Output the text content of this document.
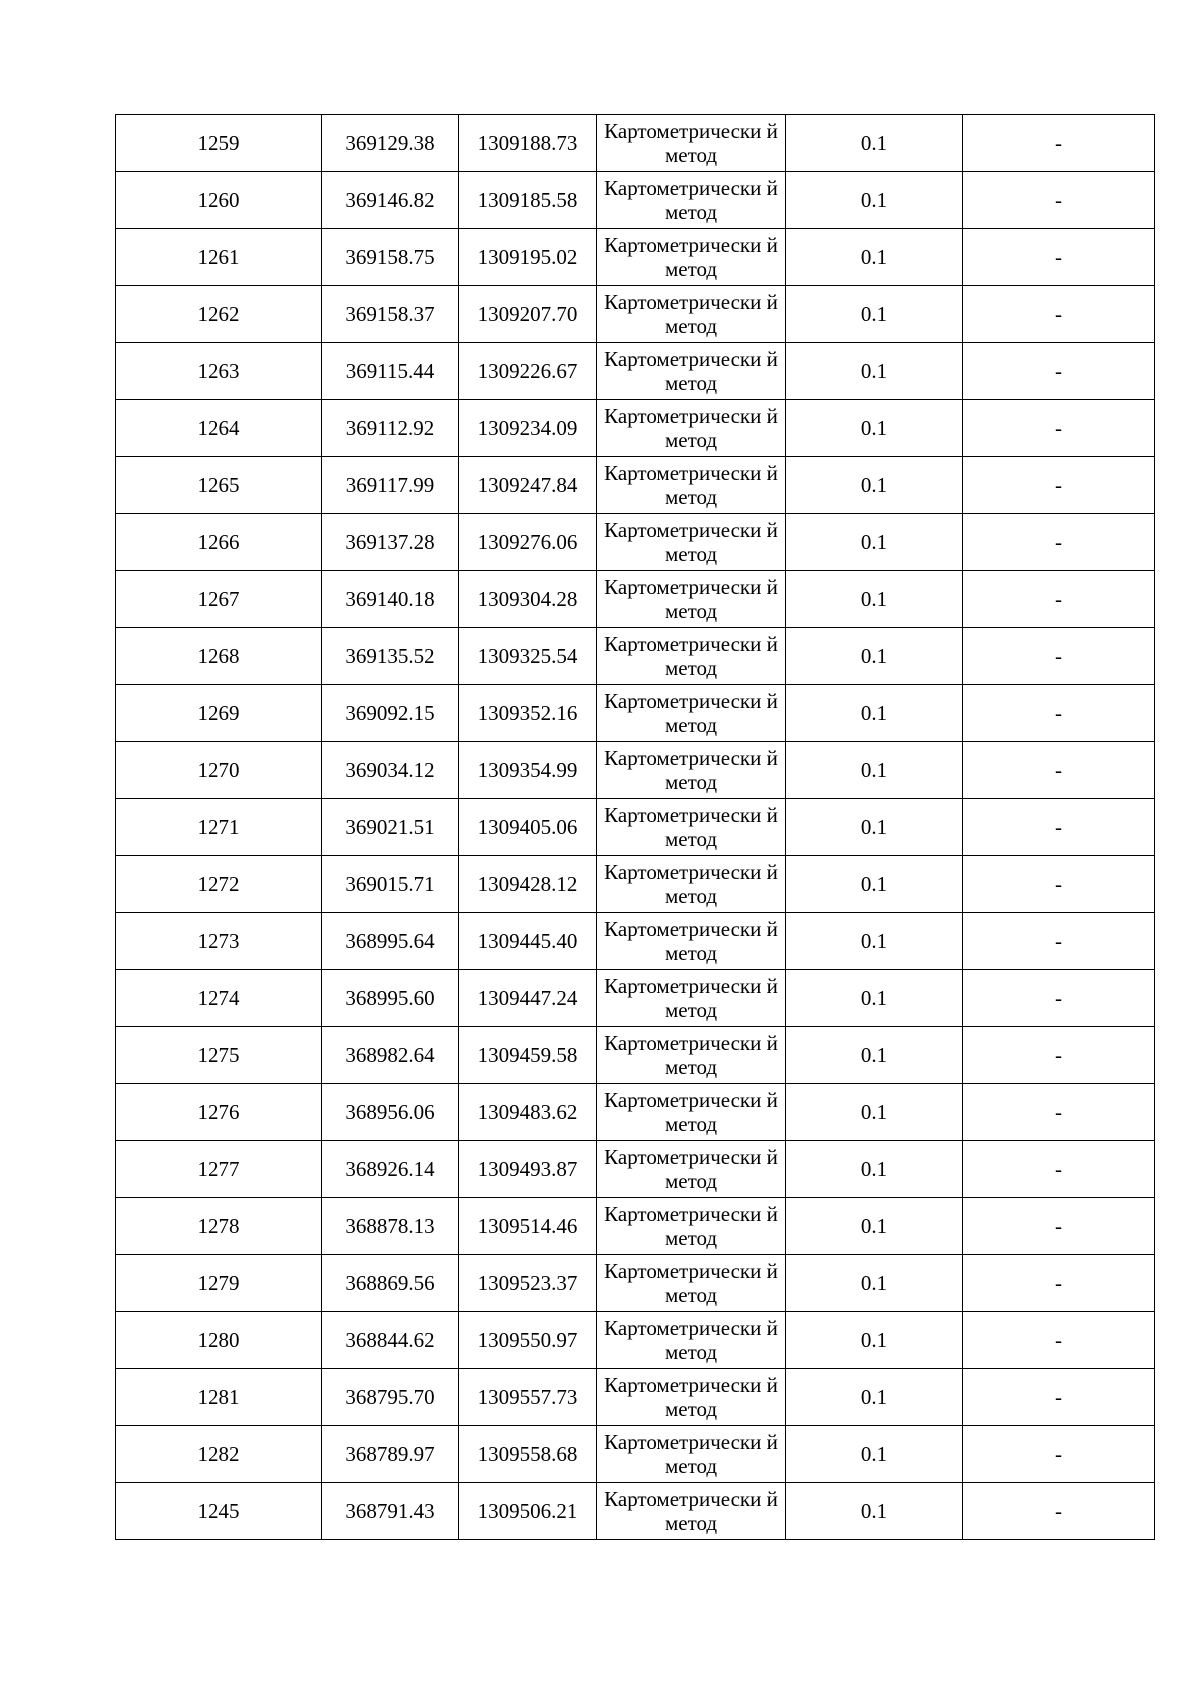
1259	369129.38	1309188.73	Картометрически й метод	0.1	-
1260	369146.82	1309185.58	Картометрически й метод	0.1	-
1261	369158.75	1309195.02	Картометрически й метод	0.1	-
1262	369158.37	1309207.70	Картометрически й метод	0.1	-
1263	369115.44	1309226.67	Картометрически й метод	0.1	-
1264	369112.92	1309234.09	Картометрически й метод	0.1	-
1265	369117.99	1309247.84	Картометрически й метод	0.1	-
1266	369137.28	1309276.06	Картометрически й метод	0.1	-
1267	369140.18	1309304.28	Картометрически й метод	0.1	-
1268	369135.52	1309325.54	Картометрически й метод	0.1	-
1269	369092.15	1309352.16	Картометрически й метод	0.1	-
1270	369034.12	1309354.99	Картометрически й метод	0.1	-
1271	369021.51	1309405.06	Картометрически й метод	0.1	-
1272	369015.71	1309428.12	Картометрически й метод	0.1	-
1273	368995.64	1309445.40	Картометрически й метод	0.1	-
1274	368995.60	1309447.24	Картометрически й метод	0.1	-
1275	368982.64	1309459.58	Картометрически й метод	0.1	-
1276	368956.06	1309483.62	Картометрически й метод	0.1	-
1277	368926.14	1309493.87	Картометрически й метод	0.1	-
1278	368878.13	1309514.46	Картометрически й метод	0.1	-
1279	368869.56	1309523.37	Картометрически й метод	0.1	-
1280	368844.62	1309550.97	Картометрически й метод	0.1	-
1281	368795.70	1309557.73	Картометрически й метод	0.1	-
1282	368789.97	1309558.68	Картометрически й метод	0.1	-
1245	368791.43	1309506.21	Картометрически й метод	0.1	-
